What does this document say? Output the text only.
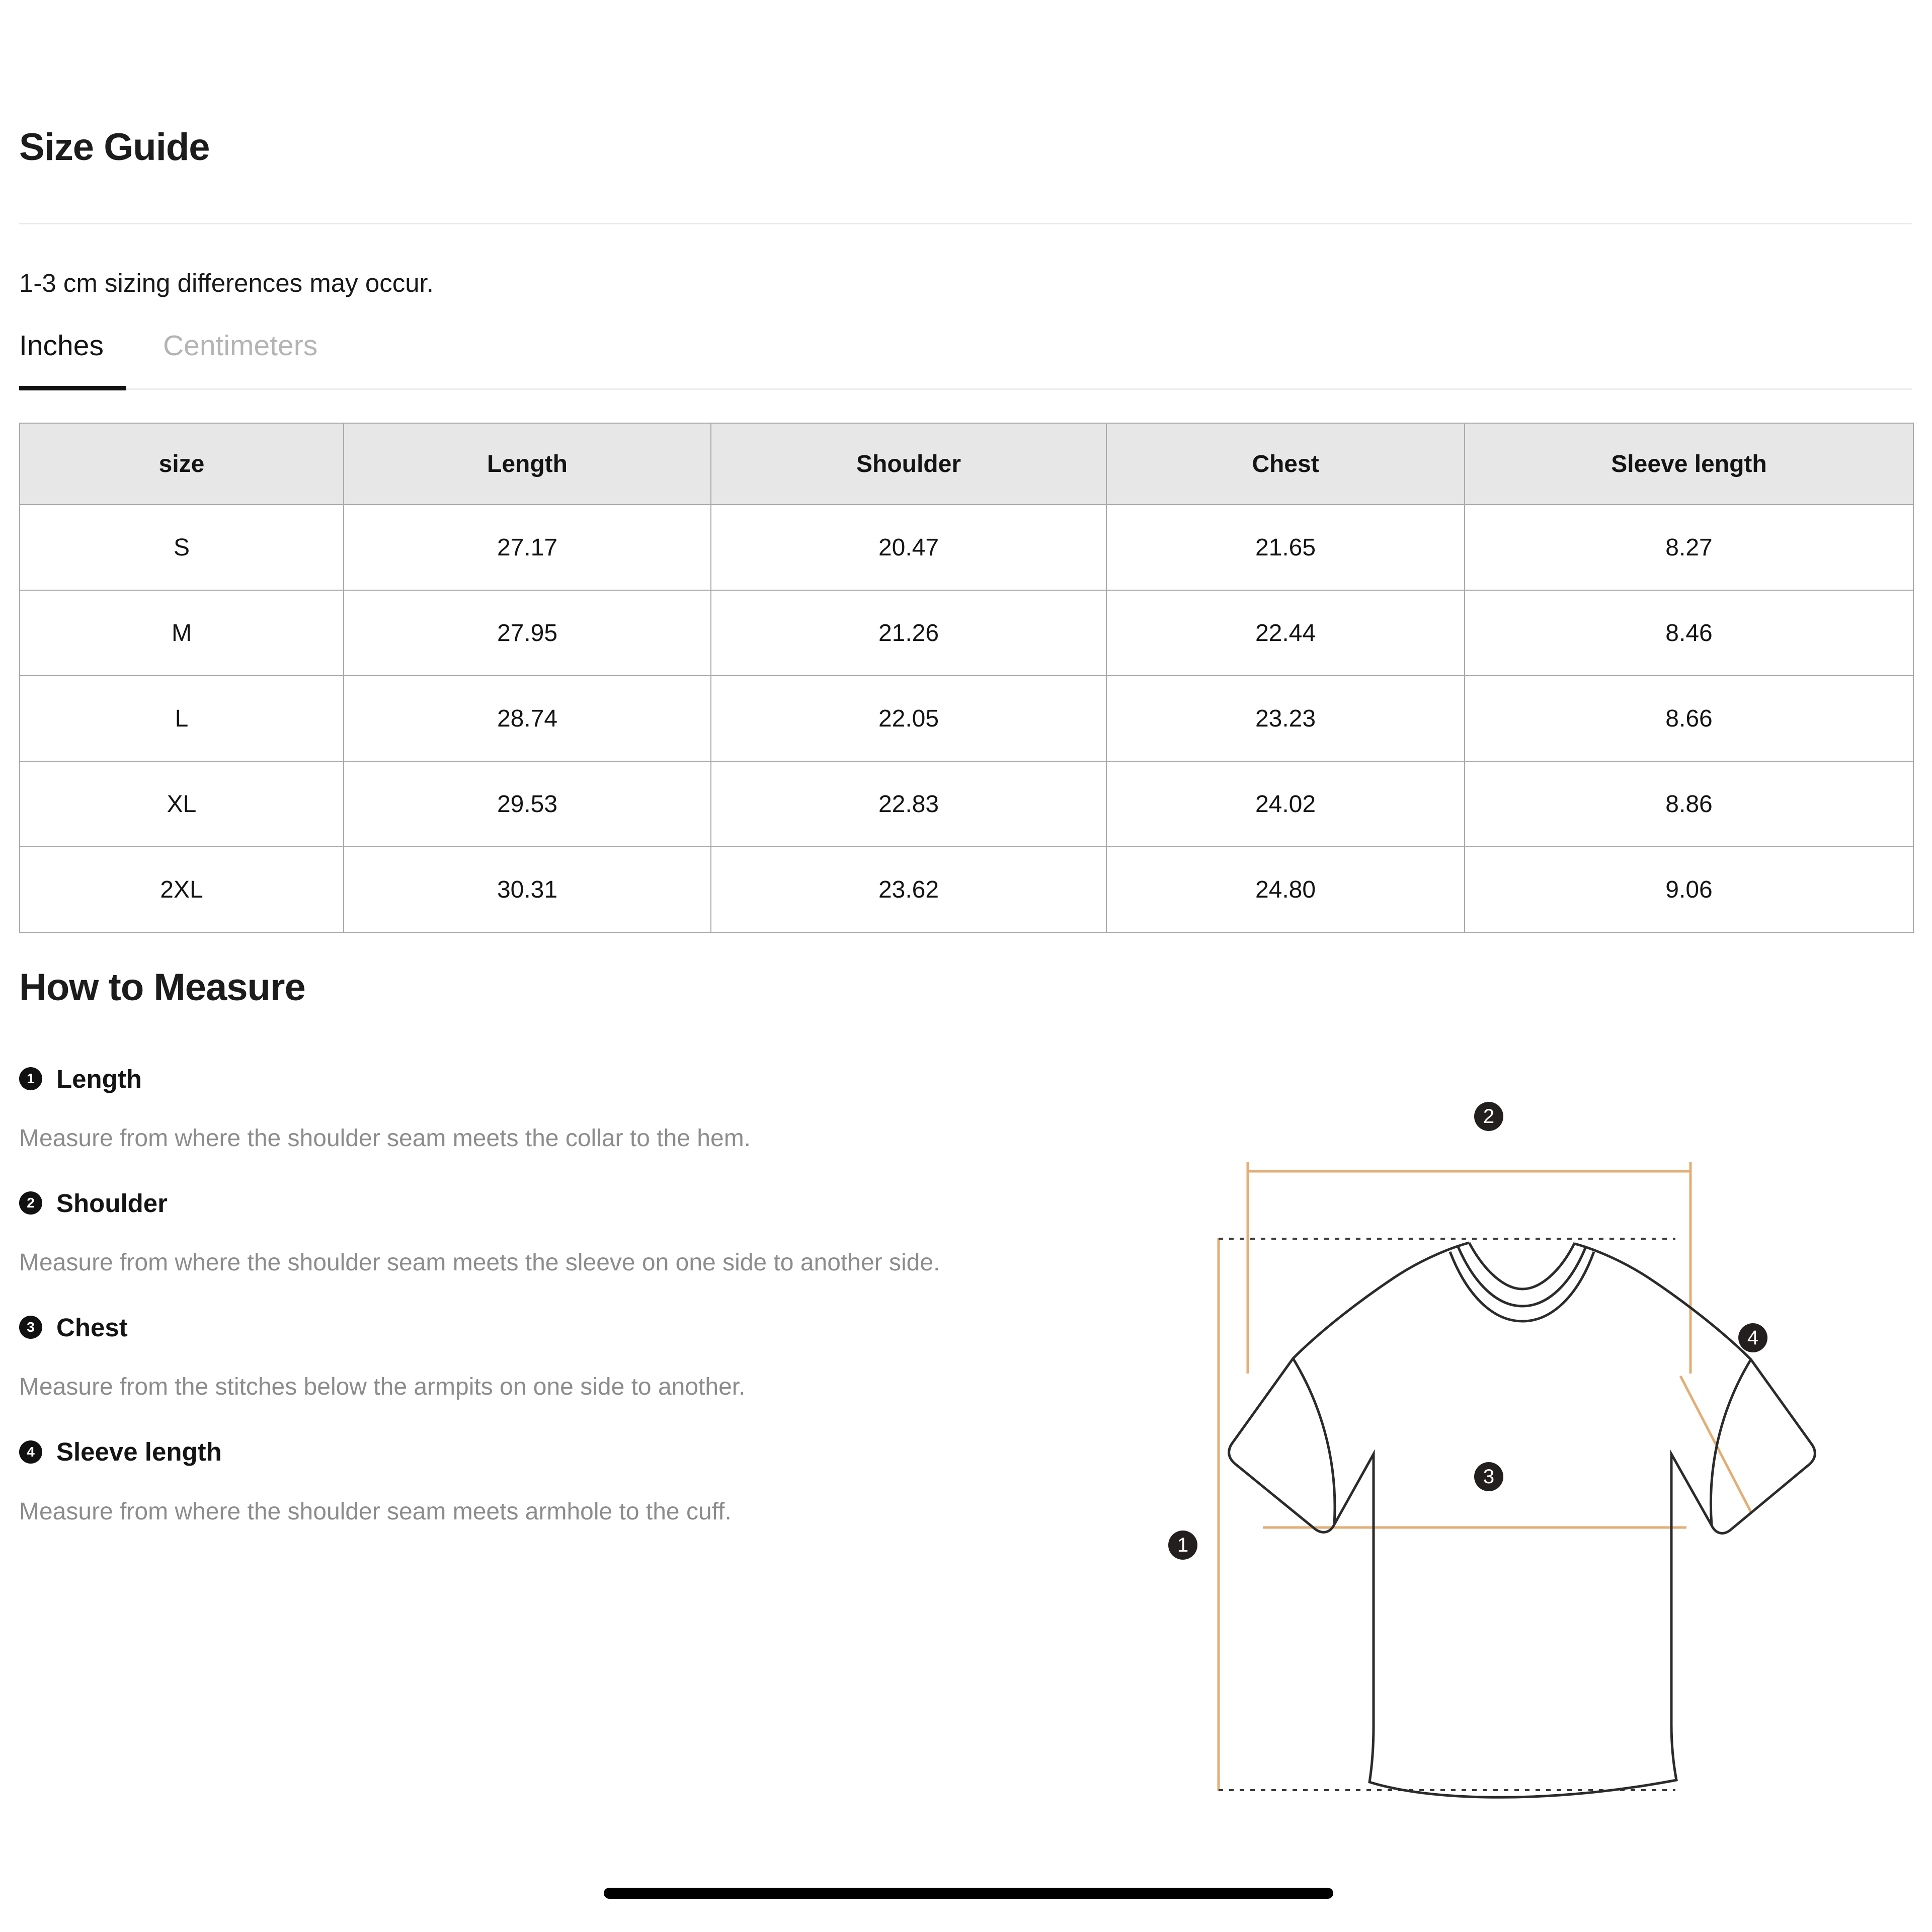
Size Guide

1-3 cm sizing differences may occur.

Inches Centimeters
size	Length	Shoulder	Chest	Sleeve length
S	27.17	20.47	21.65	8.27
M	27.95	21.26	22.44	8.46
L	28.74	22.05	23.23	8.66
XL	29.53	22.83	24.02	8.86
2XL	30.31	23.62	24.80	9.06
How to Measure
1 Length
Measure from where the shoulder seam meets the collar to the hem.
2 Shoulder
Measure from where the shoulder seam meets the sleeve on one side to another side.
3 Chest
Measure from the stitches below the armpits on one side to another.
4 Sleeve length
Measure from where the shoulder seam meets armhole to the cuff.
1
2
3
4
